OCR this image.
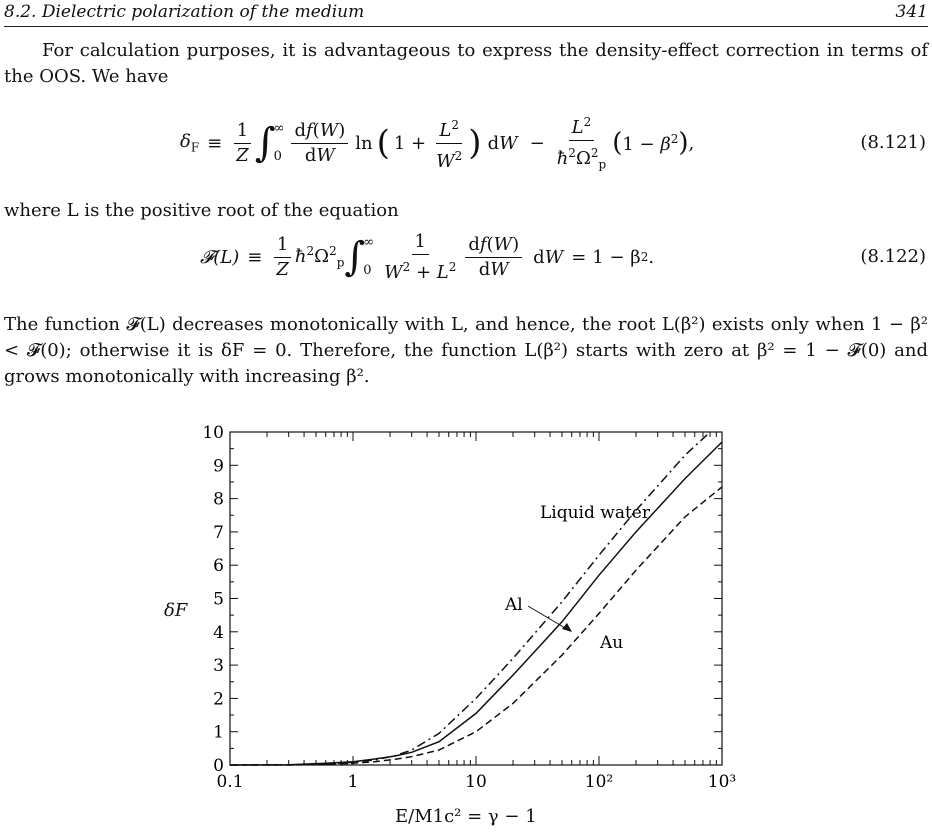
8.2. Dielectric polarization of the medium	341
For calculation purposes, it is advantageous to express the density-effect correction in terms of the OOS. We have
$\delta_F \equiv \frac{1}{Z}$ ∫
∞
$0 \frac{df(W)}{dW}$ ln ( $1 + \frac{L^2}{W^2}$ ) dW − $\frac{L^2}{ħ^2\Omega^2_p}$ ( $1 - \beta^2$ ) ,	(8.121)
where L is the positive root of the equation
𝓕(L) ≡ $\frac{1}{Z}$ $ħ^2\Omega^2_p$ ∫
∞
$0 \frac{1}{W^2 + L^2} \frac{df(W)}{dW}$ dW = 1 − β 2 .	(8.122)
The function 𝓕(L) decreases monotonically with L, and hence, the root L(β²) exists only when 1 − β² < 𝓕(0); otherwise it is δF = 0. Therefore, the function L(β²) starts with zero at β² = 1 − 𝓕(0) and grows monotonically with increasing β².
0
1
2
3
4
5
6
7
8
9
10
0.1	1	10	10²	10³
Liquid water
Al
Au
δF
E/M1c² = γ − 1
